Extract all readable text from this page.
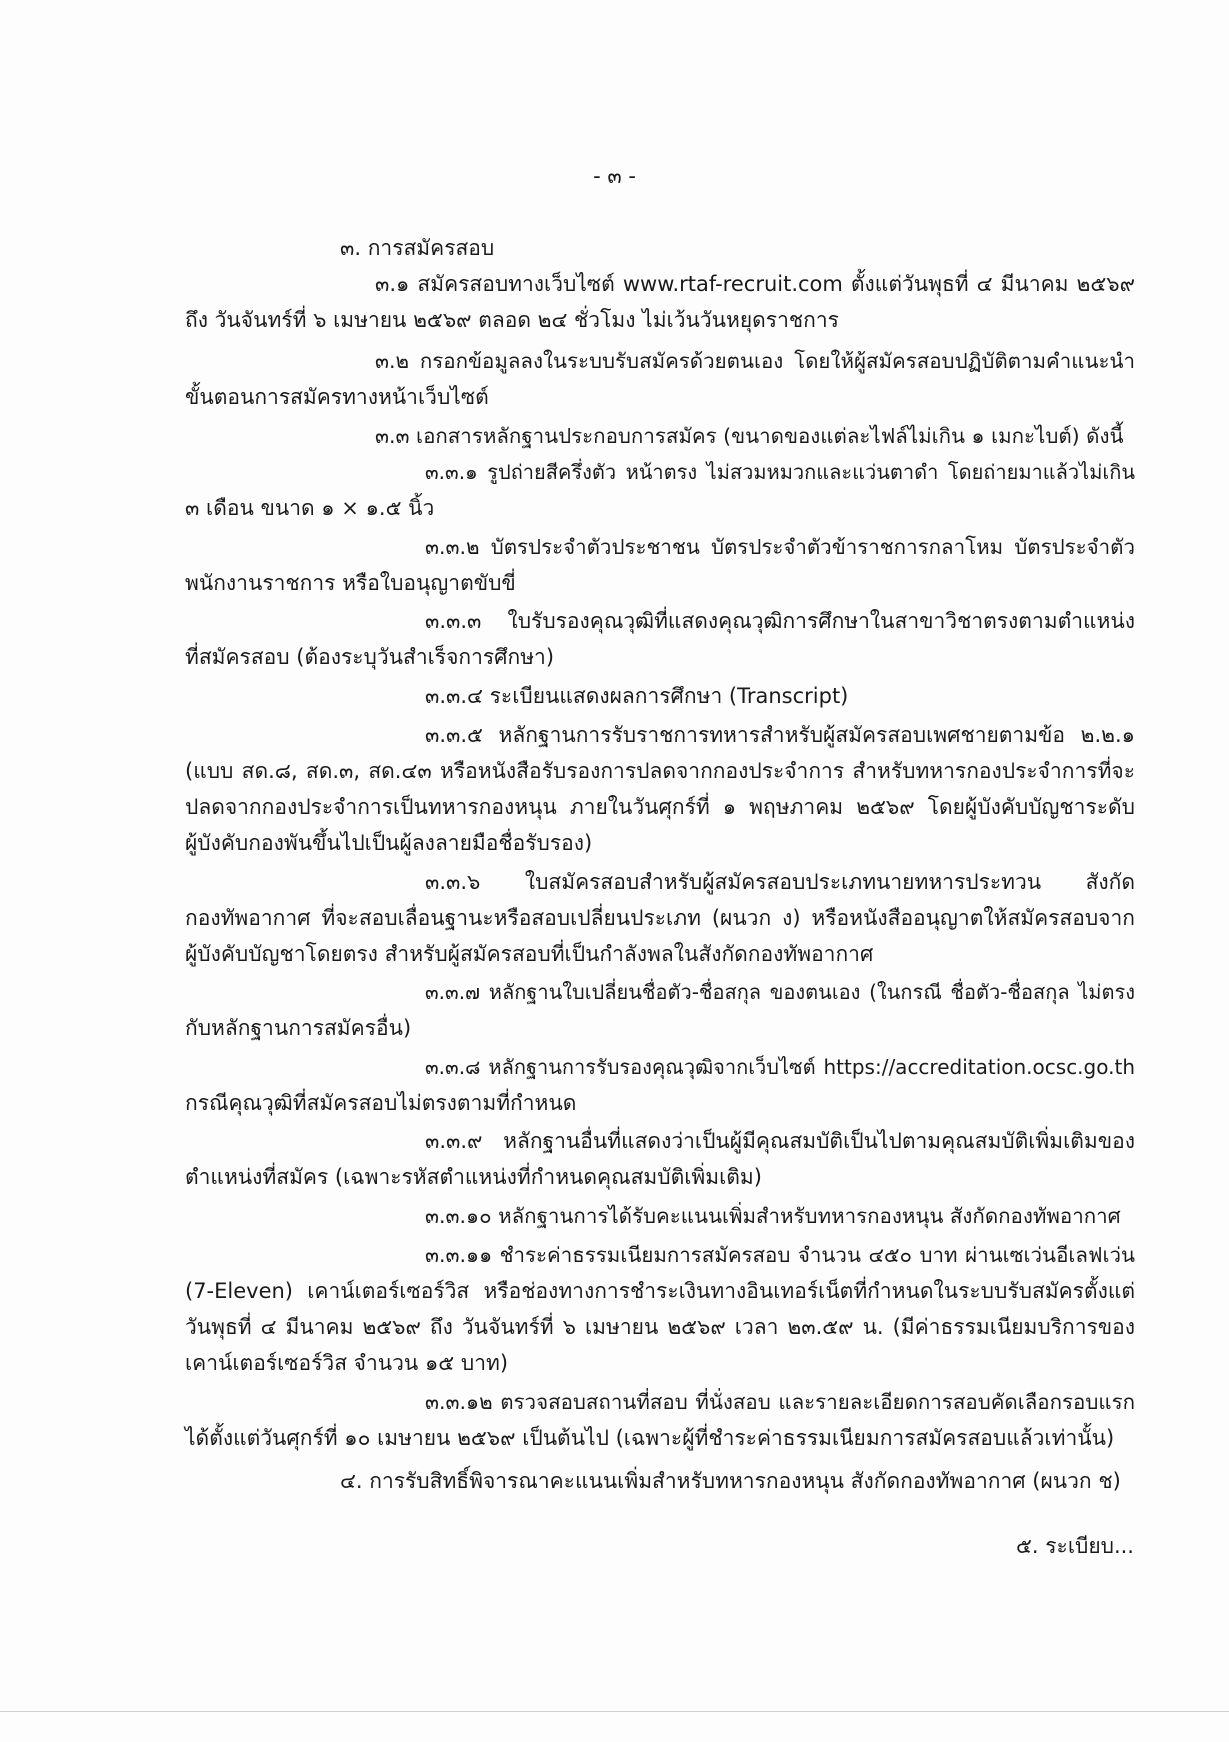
- ๓ -
๓. การสมัครสอบ
๓.๑ สมัครสอบทางเว็บไซต์ www.rtaf-recruit.com ตั้งแต่วันพุธที่ ๔ มีนาคม ๒๕๖๙
ถึง วันจันทร์ที่ ๖ เมษายน ๒๕๖๙ ตลอด ๒๔ ชั่วโมง ไม่เว้นวันหยุดราชการ
๓.๒ กรอกข้อมูลลงในระบบรับสมัครด้วยตนเอง โดยให้ผู้สมัครสอบปฏิบัติตามคำแนะนำ
ขั้นตอนการสมัครทางหน้าเว็บไซต์
๓.๓ เอกสารหลักฐานประกอบการสมัคร (ขนาดของแต่ละไฟล์ไม่เกิน ๑ เมกะไบต์) ดังนี้
๓.๓.๑ รูปถ่ายสีครึ่งตัว หน้าตรง ไม่สวมหมวกและแว่นตาดำ โดยถ่ายมาแล้วไม่เกิน
๓ เดือน ขนาด ๑ × ๑.๕ นิ้ว
๓.๓.๒ บัตรประจำตัวประชาชน บัตรประจำตัวข้าราชการกลาโหม บัตรประจำตัว
พนักงานราชการ หรือใบอนุญาตขับขี่
๓.๓.๓ ใบรับรองคุณวุฒิที่แสดงคุณวุฒิการศึกษาในสาขาวิชาตรงตามตำแหน่ง
ที่สมัครสอบ (ต้องระบุวันสำเร็จการศึกษา)
๓.๓.๔ ระเบียนแสดงผลการศึกษา (Transcript)
๓.๓.๕ หลักฐานการรับราชการทหารสำหรับผู้สมัครสอบเพศชายตามข้อ ๒.๒.๑
(แบบ สด.๘, สด.๓, สด.๔๓ หรือหนังสือรับรองการปลดจากกองประจำการ สำหรับทหารกองประจำการที่จะ
ปลดจากกองประจำการเป็นทหารกองหนุน ภายในวันศุกร์ที่ ๑ พฤษภาคม ๒๕๖๙ โดยผู้บังคับบัญชาระดับ
ผู้บังคับกองพันขึ้นไปเป็นผู้ลงลายมือชื่อรับรอง)
๓.๓.๖ ใบสมัครสอบสำหรับผู้สมัครสอบประเภทนายทหารประทวน สังกัด
กองทัพอากาศ ที่จะสอบเลื่อนฐานะหรือสอบเปลี่ยนประเภท (ผนวก ง) หรือหนังสืออนุญาตให้สมัครสอบจาก
ผู้บังคับบัญชาโดยตรง สำหรับผู้สมัครสอบที่เป็นกำลังพลในสังกัดกองทัพอากาศ
๓.๓.๗ หลักฐานใบเปลี่ยนชื่อตัว-ชื่อสกุล ของตนเอง (ในกรณี ชื่อตัว-ชื่อสกุล ไม่ตรง
กับหลักฐานการสมัครอื่น)
๓.๓.๘ หลักฐานการรับรองคุณวุฒิจากเว็บไซต์ https://accreditation.ocsc.go.th
กรณีคุณวุฒิที่สมัครสอบไม่ตรงตามที่กำหนด
๓.๓.๙ หลักฐานอื่นที่แสดงว่าเป็นผู้มีคุณสมบัติเป็นไปตามคุณสมบัติเพิ่มเติมของ
ตำแหน่งที่สมัคร (เฉพาะรหัสตำแหน่งที่กำหนดคุณสมบัติเพิ่มเติม)
๓.๓.๑๐ หลักฐานการได้รับคะแนนเพิ่มสำหรับทหารกองหนุน สังกัดกองทัพอากาศ
๓.๓.๑๑ ชำระค่าธรรมเนียมการสมัครสอบ จำนวน ๔๕๐ บาท ผ่านเซเว่นอีเลฟเว่น
(7-Eleven) เคาน์เตอร์เซอร์วิส หรือช่องทางการชำระเงินทางอินเทอร์เน็ตที่กำหนดในระบบรับสมัครตั้งแต่
วันพุธที่ ๔ มีนาคม ๒๕๖๙ ถึง วันจันทร์ที่ ๖ เมษายน ๒๕๖๙ เวลา ๒๓.๕๙ น. (มีค่าธรรมเนียมบริการของ
เคาน์เตอร์เซอร์วิส จำนวน ๑๕ บาท)
๓.๓.๑๒ ตรวจสอบสถานที่สอบ ที่นั่งสอบ และรายละเอียดการสอบคัดเลือกรอบแรก
ได้ตั้งแต่วันศุกร์ที่ ๑๐ เมษายน ๒๕๖๙ เป็นต้นไป (เฉพาะผู้ที่ชำระค่าธรรมเนียมการสมัครสอบแล้วเท่านั้น)
๔. การรับสิทธิ์พิจารณาคะแนนเพิ่มสำหรับทหารกองหนุน สังกัดกองทัพอากาศ (ผนวก ช)
๕. ระเบียบ...
